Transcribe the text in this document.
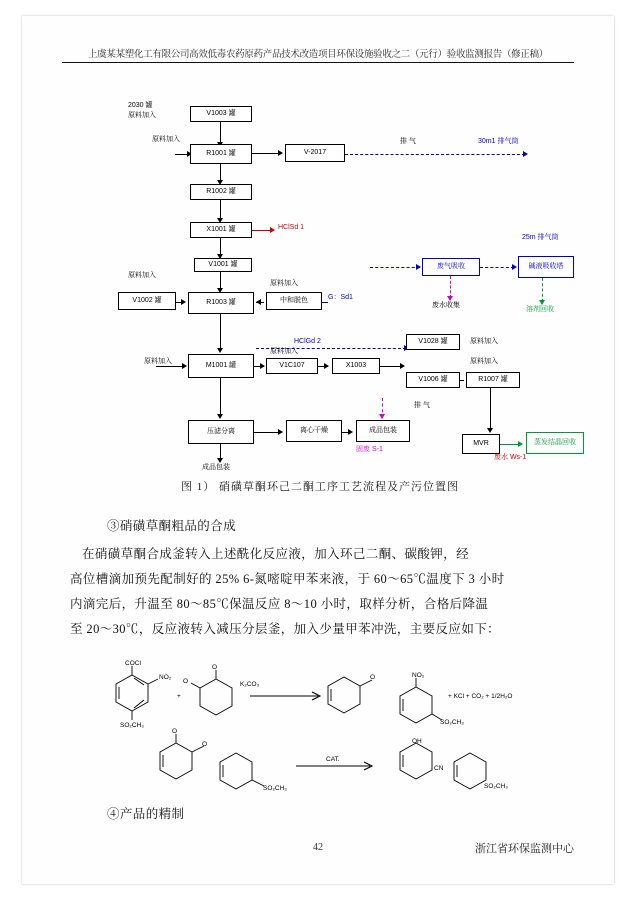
上虞某某塑化工有限公司高效低毒农药原药产品技术改造项目环保设施验收之二（元行）验收监测报告（修正稿）
2030 罐
原料加入	V1003 罐
原料加入
R1001 罐	V-2017
30m1 排气筒
排 气
R1002 罐
X1001 罐	HClSd 1
V1001 罐
R1003 罐
原料加入
V1002 罐
原料加入
中和脱色	G：Sd1
废气吸收
废水收集
碱液吸收塔
25m 排气筒
溶剂回收
HClGd 2
M1001 罐
原料加入
V1C107	X1003
原料加入
V1028 罐
V1006 罐	R1007 罐
原料加入
原料加入
压滤分离	离心干燥	成品包装
固废 S-1
成品包装
MVR	蒸发结晶回收
废水 Ws-1
排 气
图 1） 硝磺草酮环己二酮工序工艺流程及产污位置图
③硝磺草酮粗品的合成
在硝磺草酮合成釜转入上述酰化反应液，加入环己二酮、碳酸钾，经
高位槽滴加预先配制好的 25% 6-氮嘧啶甲苯来液，于 60～65℃温度下 3 小时
内滴完后，升温至 80～85℃保温反应 8～10 小时，取样分析，合格后降温
至 20～30℃，反应液转入减压分层釜，加入少量甲苯冲洗，主要反应如下：
COCl
NO₂
SO₂CH₃
+
K₂CO₃
O
O
O	NO₂
SO₂CH₃
+ KCl + CO₂ + 1/2H₂O
O
O
SO₂CH₃
CAT.
OH
SO₂CH₃
CN
④产品的精制
42	浙江省环保监测中心
